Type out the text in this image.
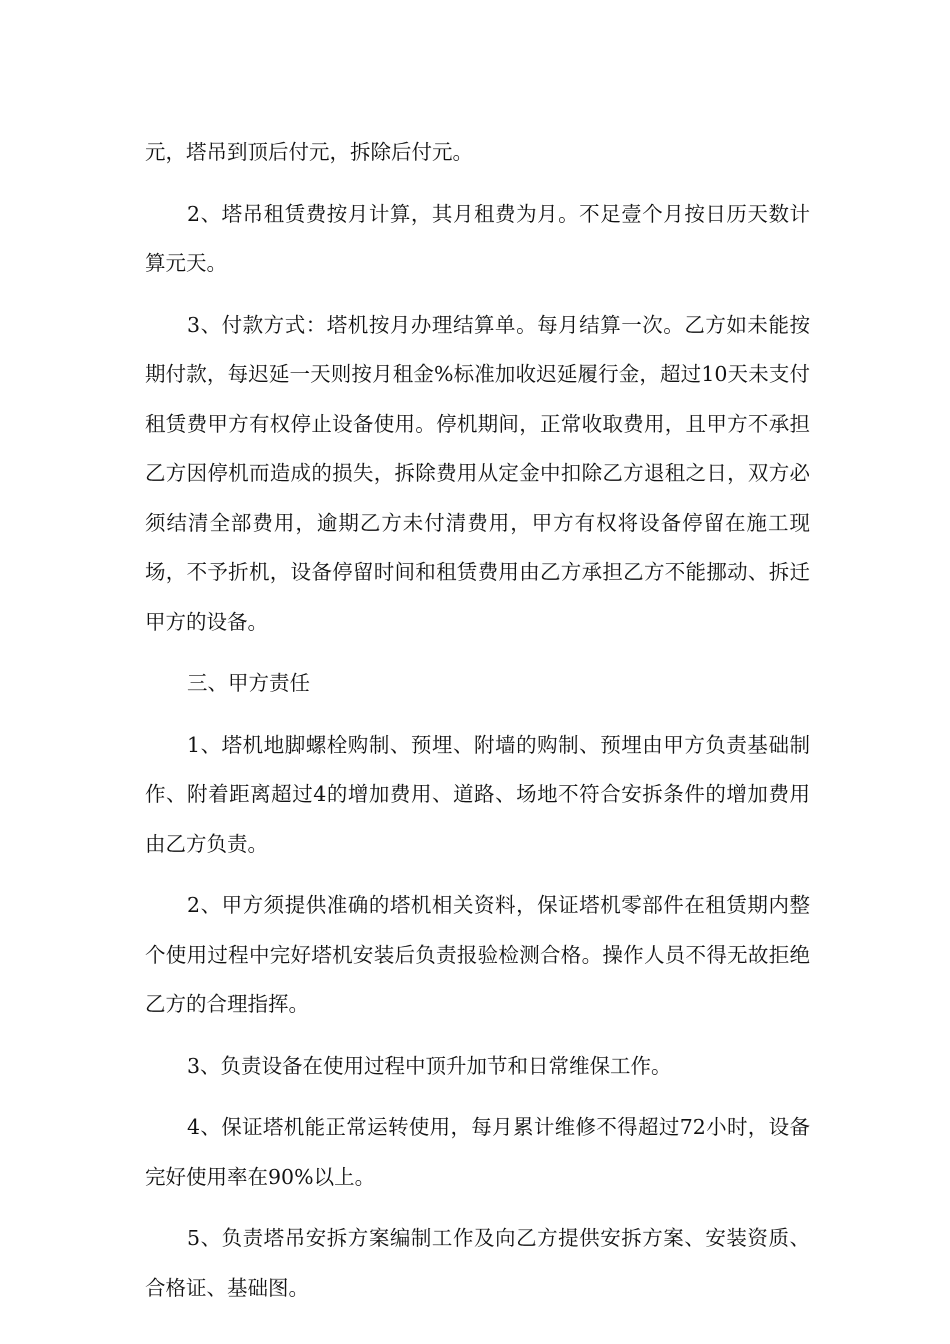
元，塔吊到顶后付元，拆除后付元。

2、塔吊租赁费按月计算，其月租费为月。不足壹个月按日历天数计算元天。

3、付款方式：塔机按月办理结算单。每月结算一次。乙方如未能按期付款，每迟延一天则按月租金%标准加收迟延履行金，超过10天未支付租赁费甲方有权停止设备使用。停机期间，正常收取费用，且甲方不承担乙方因停机而造成的损失，拆除费用从定金中扣除乙方退租之日，双方必须结清全部费用，逾期乙方未付清费用，甲方有权将设备停留在施工现场，不予折机，设备停留时间和租赁费用由乙方承担乙方不能挪动、拆迁甲方的设备。

三、甲方责任

1、塔机地脚螺栓购制、预埋、附墙的购制、预埋由甲方负责基础制作、附着距离超过4的增加费用、道路、场地不符合安拆条件的增加费用由乙方负责。

2、甲方须提供准确的塔机相关资料，保证塔机零部件在租赁期内整个使用过程中完好塔机安装后负责报验检测合格。操作人员不得无故拒绝乙方的合理指挥。

3、负责设备在使用过程中顶升加节和日常维保工作。

4、保证塔机能正常运转使用，每月累计维修不得超过72小时，设备完好使用率在90%以上。

5、负责塔吊安拆方案编制工作及向乙方提供安拆方案、安装资质、合格证、基础图。
